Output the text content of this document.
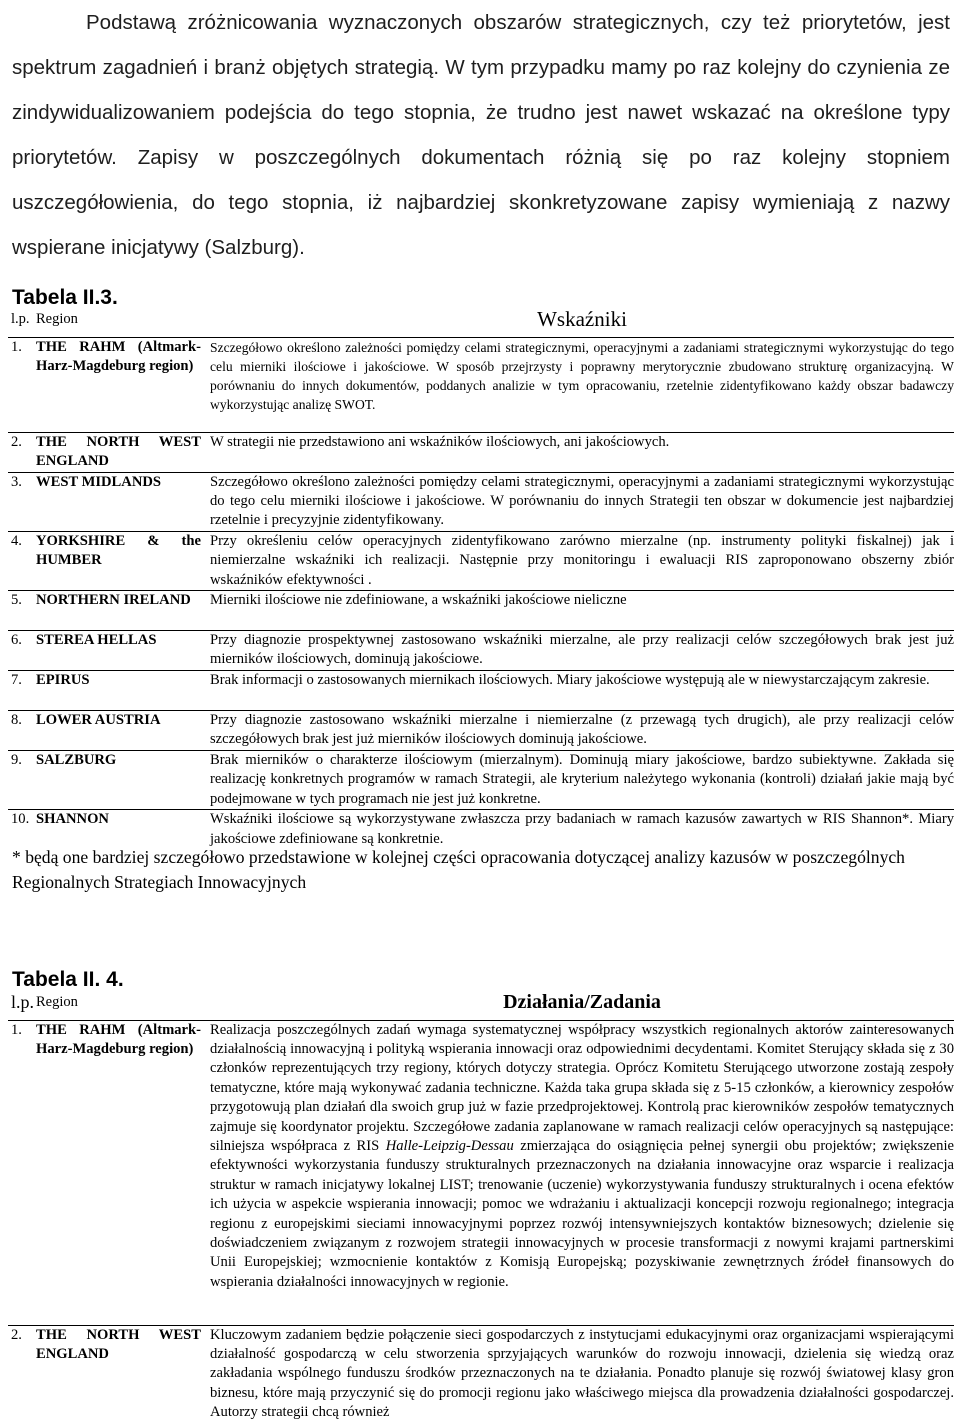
Podstawą zróżnicowania wyznaczonych obszarów strategicznych, czy też priorytetów, jest spektrum zagadnień i branż objętych strategią. W tym przypadku mamy po raz kolejny do czynienia ze zindywidualizowaniem podejścia do tego stopnia, że trudno jest nawet wskazać na określone typy priorytetów. Zapisy w poszczególnych dokumentach różnią się po raz kolejny stopniem uszczegółowienia, do tego stopnia, iż najbardziej skonkretyzowane zapisy wymieniają z nazwy wspierane inicjatywy (Salzburg).

Tabela II.3.

l.p.	Region	Wskaźniki
1.	THE RAHM (Altmark-Harz-Magdeburg region)	Szczegółowo określono zależności pomiędzy celami strategicznymi, operacyjnymi a zadaniami strategicznymi wykorzystując do tego celu mierniki ilościowe i jakościowe. W sposób przejrzysty i poprawny merytorycznie zbudowano strukturę organizacyjną. W porównaniu do innych dokumentów, poddanych analizie w tym opracowaniu, rzetelnie zidentyfikowano każdy obszar badawczy wykorzystując analizę SWOT.
2.	THE NORTH WEST ENGLAND	W strategii nie przedstawiono ani wskaźników ilościowych, ani jakościowych.
3.	WEST MIDLANDS	Szczegółowo określono zależności pomiędzy celami strategicznymi, operacyjnymi a zadaniami strategicznymi wykorzystując do tego celu mierniki ilościowe i jakościowe. W porównaniu do innych Strategii ten obszar w dokumencie jest najbardziej rzetelnie i precyzyjnie zidentyfikowany.
4.	YORKSHIRE & the HUMBER	Przy określeniu celów operacyjnych zidentyfikowano zarówno mierzalne (np. instrumenty polityki fiskalnej) jak i niemierzalne wskaźniki ich realizacji. Następnie przy monitoringu i ewaluacji RIS zaproponowano obszerny zbiór wskaźników efektywności .
5.	NORTHERN IRELAND	Mierniki ilościowe nie zdefiniowane, a wskaźniki jakościowe nieliczne
6.	STEREA HELLAS	Przy diagnozie prospektywnej zastosowano wskaźniki mierzalne, ale przy realizacji celów szczegółowych brak jest już mierników ilościowych, dominują jakościowe.
7.	EPIRUS	Brak informacji o zastosowanych miernikach ilościowych. Miary jakościowe występują ale w niewystarczającym zakresie.
8.	LOWER AUSTRIA	Przy diagnozie zastosowano wskaźniki mierzalne i niemierzalne (z przewagą tych drugich), ale przy realizacji celów szczegółowych brak jest już mierników ilościowych dominują jakościowe.
9.	SALZBURG	Brak mierników o charakterze ilościowym (mierzalnym). Dominują miary jakościowe, bardzo subiektywne. Zakłada się realizację konkretnych programów w ramach Strategii, ale kryterium należytego wykonania (kontroli) działań jakie mają być podejmowane w tych programach nie jest już konkretne.
10.	SHANNON	Wskaźniki ilościowe są wykorzystywane zwłaszcza przy badaniach w ramach kazusów zawartych w RIS Shannon*. Miary jakościowe zdefiniowane są konkretnie.

* będą one bardziej szczegółowo przedstawione w kolejnej części opracowania dotyczącej analizy kazusów w poszczególnych Regionalnych Strategiach Innowacyjnych

Tabela II. 4.

l.p.	Region	Działania/Zadania
1.	THE RAHM (Altmark-Harz-Magdeburg region)	Realizacja poszczególnych zadań wymaga systematycznej współpracy wszystkich regionalnych aktorów zainteresowanych działalnością innowacyjną i polityką wspierania innowacji oraz odpowiednimi decydentami. Komitet Sterujący składa się z 30 członków reprezentujących trzy regiony, których dotyczy strategia. Oprócz Komitetu Sterującego utworzone zostają zespoły tematyczne, które mają wykonywać zadania techniczne. Każda taka grupa składa się z 5-15 członków, a kierownicy zespołów przygotowują plan działań dla swoich grup już w fazie przedprojektowej. Kontrolą prac kierowników zespołów tematycznych zajmuje się koordynator projektu. Szczegółowe zadania zaplanowane w ramach realizacji celów operacyjnych są następujące: silniejsza współpraca z RIS Halle-Leipzig-Dessau zmierzająca do osiągnięcia pełnej synergii obu projektów; zwiększenie efektywności wykorzystania funduszy strukturalnych przeznaczonych na działania innowacyjne oraz wsparcie i realizacja struktur w ramach inicjatywy lokalnej LIST; trenowanie (uczenie) wykorzystywania funduszy strukturalnych i ocena efektów ich użycia w aspekcie wspierania innowacji; pomoc we wdrażaniu i aktualizacji koncepcji rozwoju regionalnego; integracja regionu z europejskimi sieciami innowacyjnymi poprzez rozwój intensywniejszych kontaktów biznesowych; dzielenie się doświadczeniem związanym z rozwojem strategii innowacyjnych w procesie transformacji z nowymi krajami partnerskimi Unii Europejskiej; wzmocnienie kontaktów z Komisją Europejską; pozyskiwanie zewnętrznych źródeł finansowych do wspierania działalności innowacyjnych w regionie.
2.	THE NORTH WEST ENGLAND	Kluczowym zadaniem będzie połączenie sieci gospodarczych z instytucjami edukacyjnymi oraz organizacjami wspierającymi działalność gospodarczą w celu stworzenia sprzyjających warunków do rozwoju innowacji, dzielenia się wiedzą oraz zakładania wspólnego funduszu środków przeznaczonych na te działania. Ponadto planuje się rozwój światowej klasy gron biznesu, które mają przyczynić się do promocji regionu jako właściwego miejsca dla prowadzenia działalności gospodarczej. Autorzy strategii chcą również
